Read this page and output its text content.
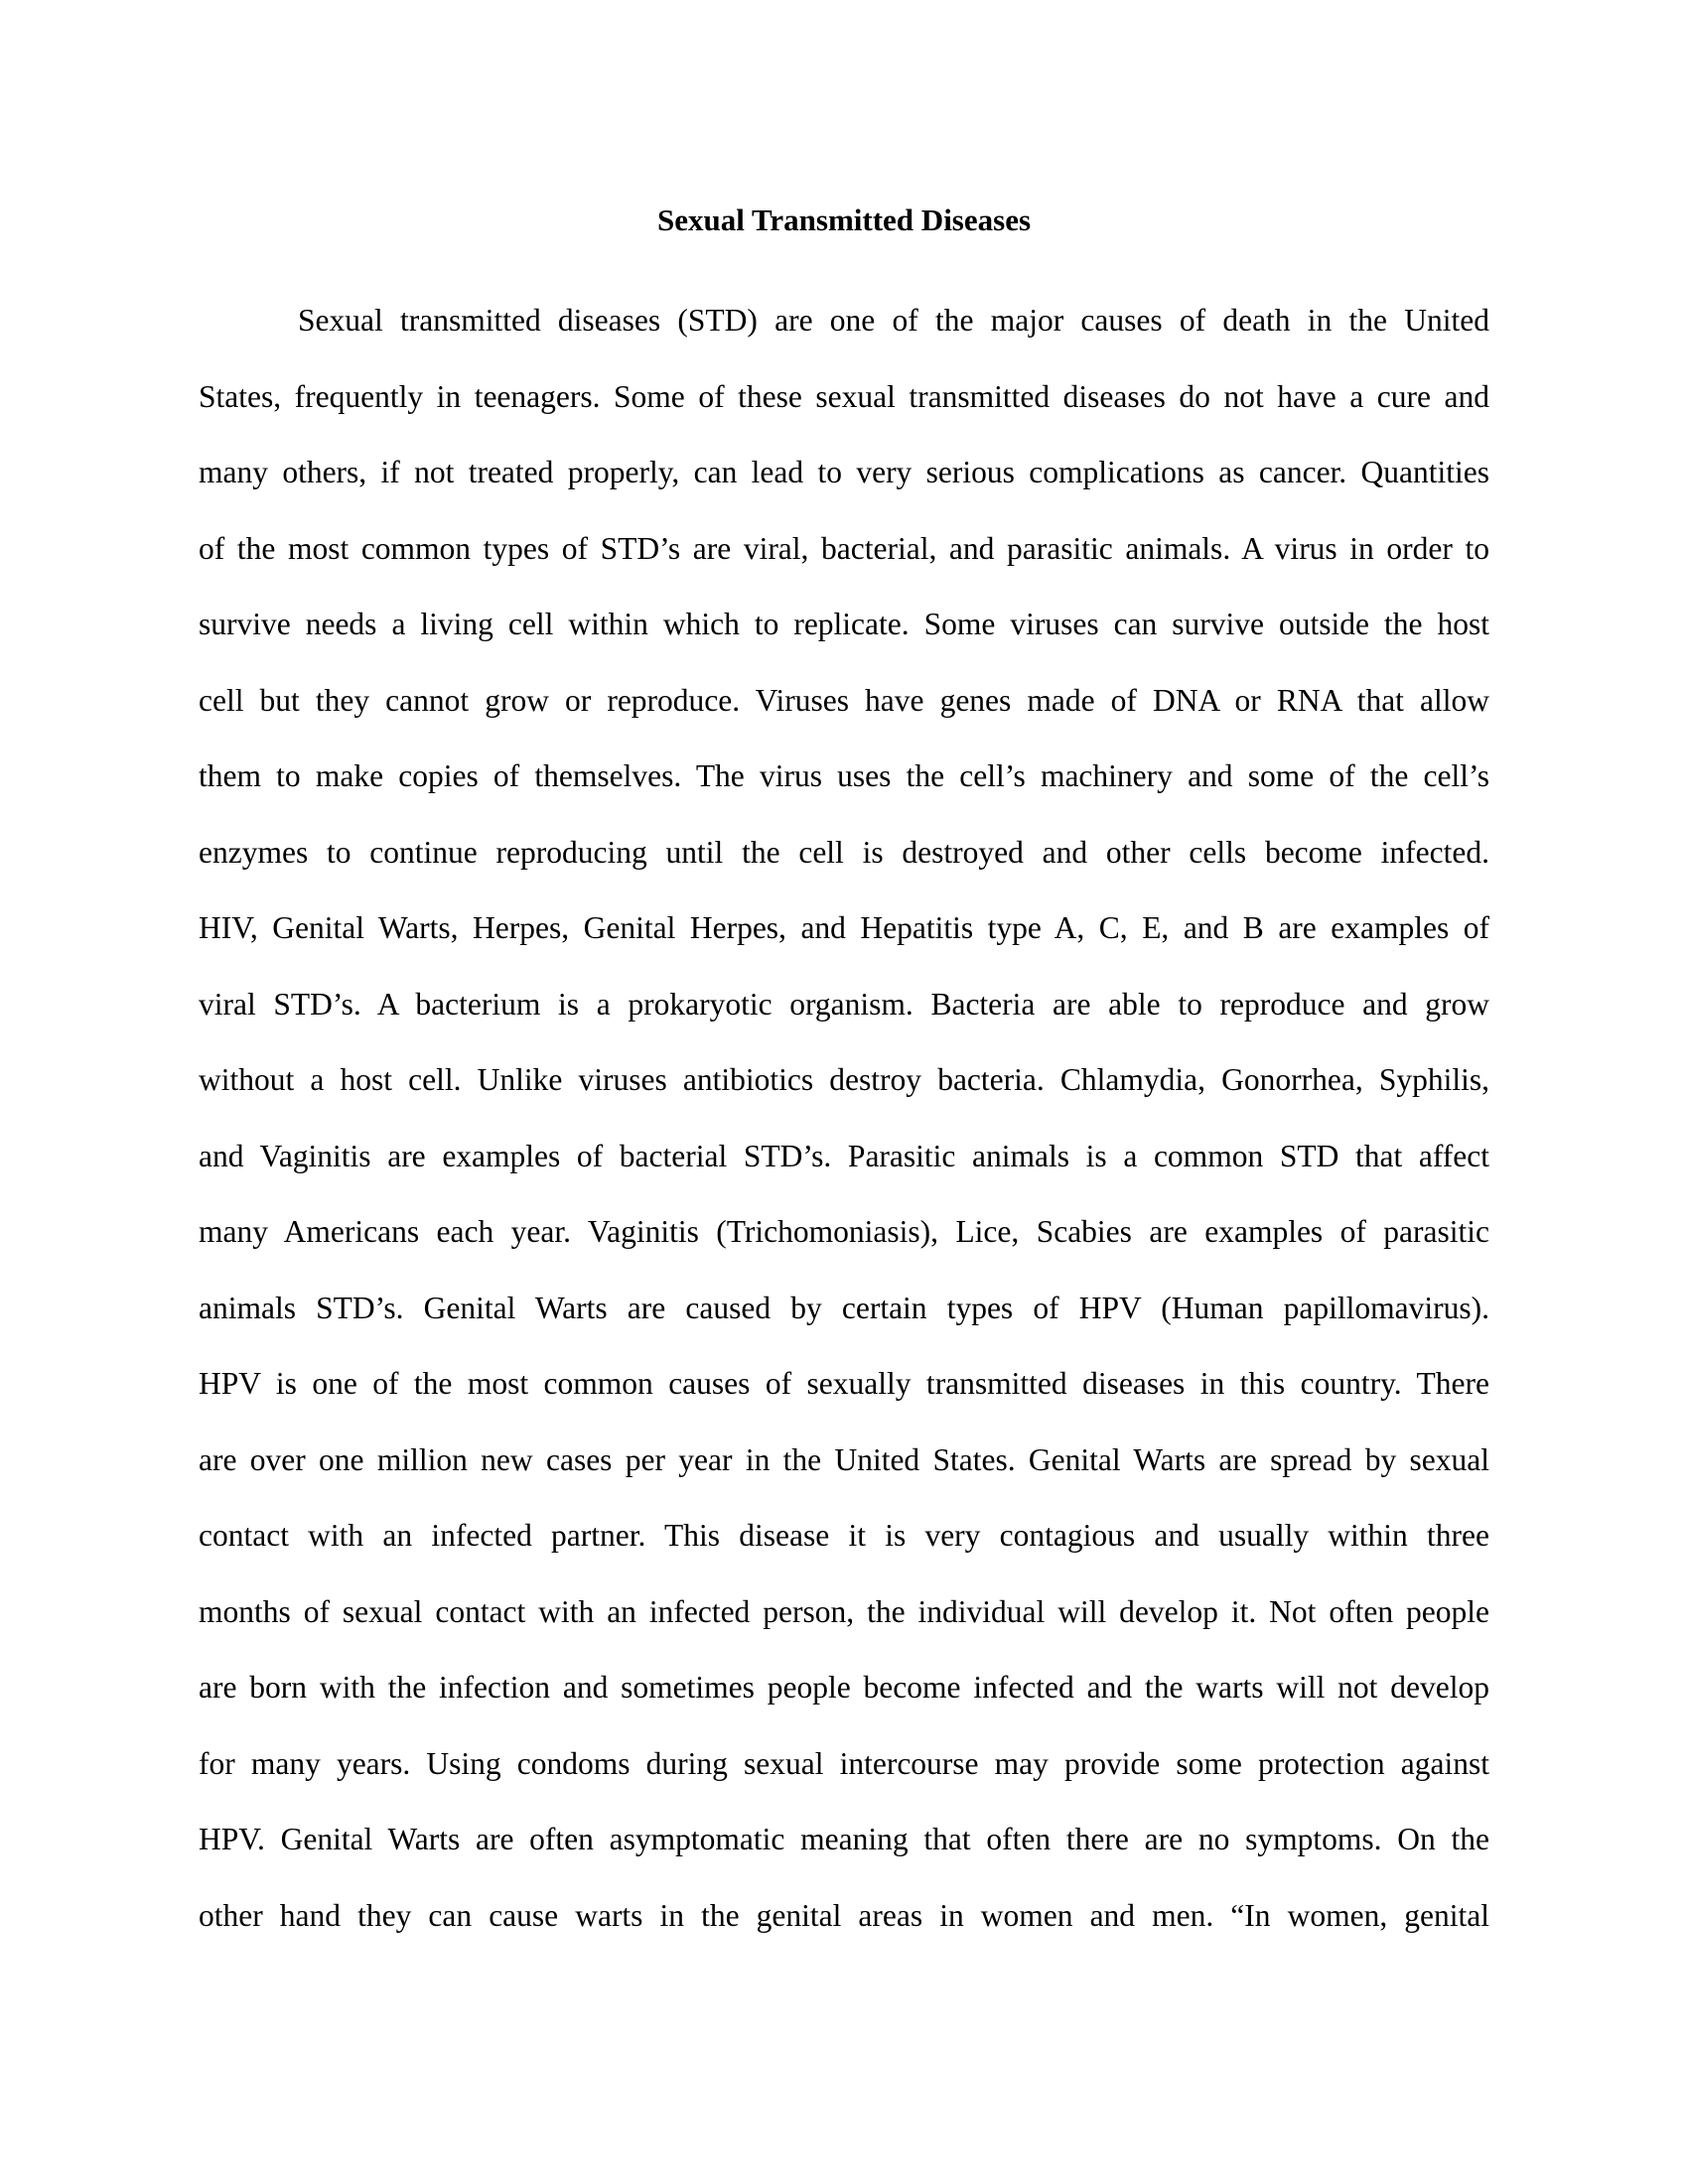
Sexual Transmitted Diseases
Sexual transmitted diseases (STD) are one of the major causes of death in the United
States, frequently in teenagers. Some of these sexual transmitted diseases do not have a cure and
many others, if not treated properly, can lead to very serious complications as cancer. Quantities
of the most common types of STD’s are viral, bacterial, and parasitic animals. A virus in order to
survive needs a living cell within which to replicate. Some viruses can survive outside the host
cell but they cannot grow or reproduce. Viruses have genes made of DNA or RNA that allow
them to make copies of themselves. The virus uses the cell’s machinery and some of the cell’s
enzymes to continue reproducing until the cell is destroyed and other cells become infected.
HIV, Genital Warts, Herpes, Genital Herpes, and Hepatitis type A, C, E, and B are examples of
viral STD’s. A bacterium is a prokaryotic organism. Bacteria are able to reproduce and grow
without a host cell. Unlike viruses antibiotics destroy bacteria. Chlamydia, Gonorrhea, Syphilis,
and Vaginitis are examples of bacterial STD’s. Parasitic animals is a common STD that affect
many Americans each year. Vaginitis (Trichomoniasis), Lice, Scabies are examples of parasitic
animals STD’s. Genital Warts are caused by certain types of HPV (Human papillomavirus).
HPV is one of the most common causes of sexually transmitted diseases in this country. There
are over one million new cases per year in the United States. Genital Warts are spread by sexual
contact with an infected partner. This disease it is very contagious and usually within three
months of sexual contact with an infected person, the individual will develop it. Not often people
are born with the infection and sometimes people become infected and the warts will not develop
for many years. Using condoms during sexual intercourse may provide some protection against
HPV. Genital Warts are often asymptomatic meaning that often there are no symptoms. On the
other hand they can cause warts in the genital areas in women and men. “In women, genital
